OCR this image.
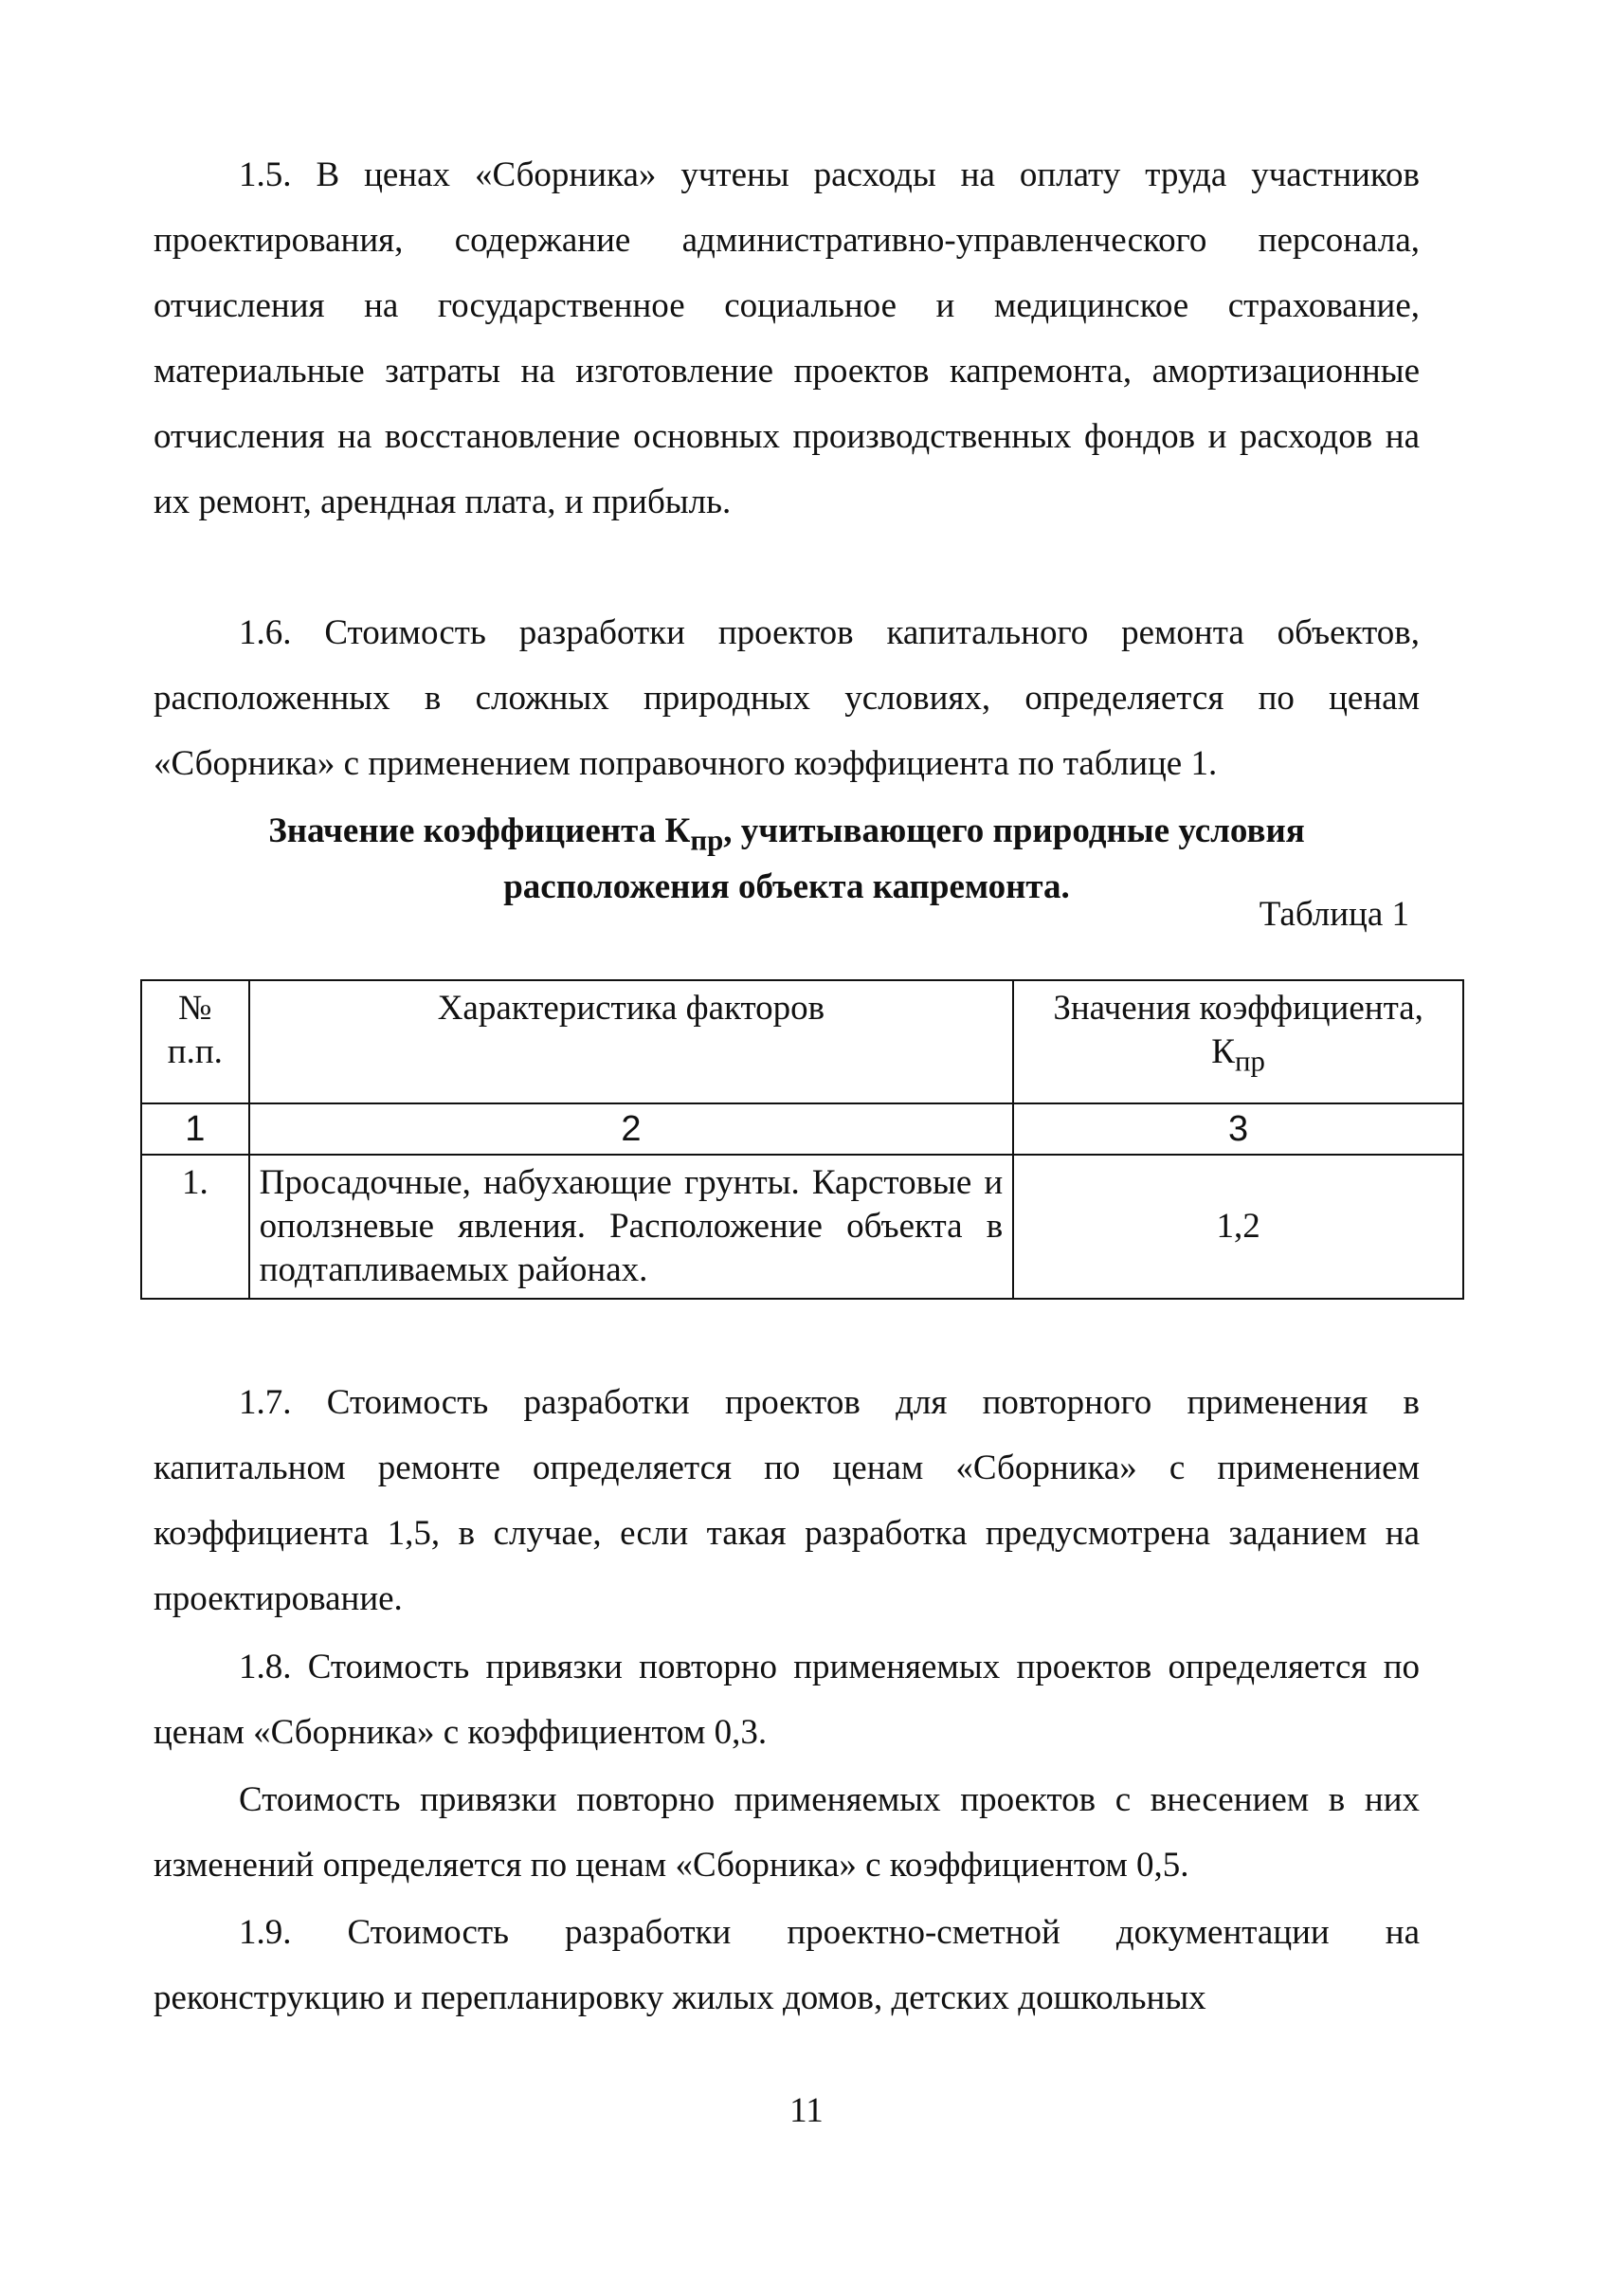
1.5. В ценах «Сборника» учтены расходы на оплату труда участников проектирования, содержание административно-управленческого персонала, отчисления на государственное социальное и медицинское страхование, материальные затраты на изготовление проектов капремонта, амортизационные отчисления на восстановление основных производственных фондов и расходов на их ремонт, арендная плата, и прибыль.

1.6. Стоимость разработки проектов капитального ремонта объектов, расположенных в сложных природных условиях, определяется по ценам «Сборника» с применением поправочного коэффициента по таблице 1.

Значение коэффициента $К_{пр}$, учитывающего природные условия расположения объекта капремонта.

Таблица 1
№ п.п.	Характеристика факторов	Значения коэффициента,
$К_{пр}$
1	2	3
1.	Просадочные, набухающие грунты. Карстовые и оползневые явления. Расположение объекта в подтапливаемых районах.	1,2

1.7. Стоимость разработки проектов для повторного применения в капитальном ремонте определяется по ценам «Сборника» с применением коэффициента 1,5, в случае, если такая разработка предусмотрена заданием на проектирование.

1.8. Стоимость привязки повторно применяемых проектов определяется по ценам «Сборника» с коэффициентом 0,3.

Стоимость привязки повторно применяемых проектов с внесением в них изменений определяется по ценам «Сборника» с коэффициентом 0,5.

1.9. Стоимость разработки проектно-сметной документации на реконструкцию и перепланировку жилых домов, детских дошкольных

11
